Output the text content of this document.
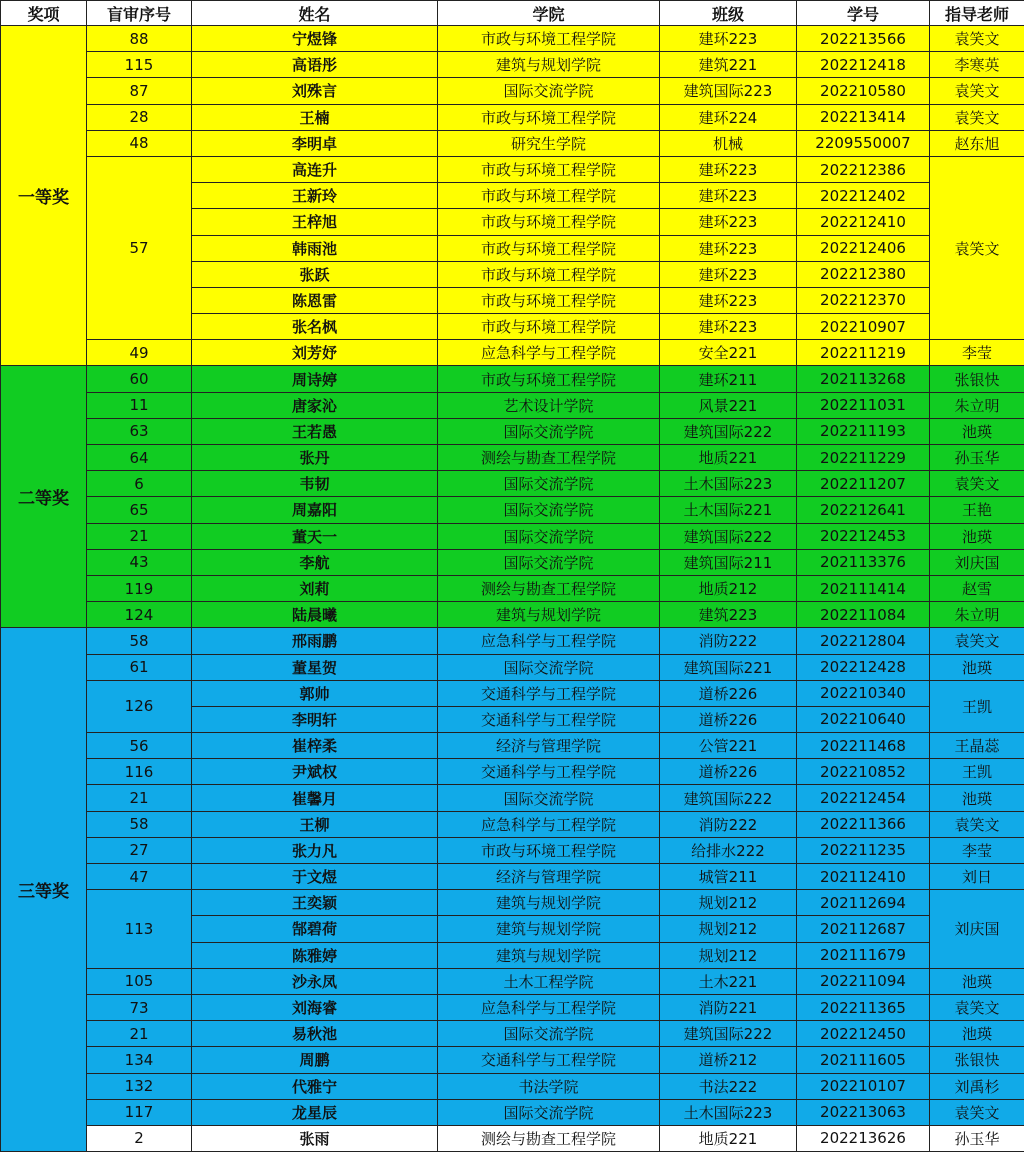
奖项	盲审序号	姓名	学院	班级	学号	指导老师
一等奖	88	宁煜锋	市政与环境工程学院	建环223	202213566	袁笑文
	115	高语彤	建筑与规划学院	建筑221	202212418	李寒英
	87	刘殊言	国际交流学院	建筑国际223	202210580	袁笑文
	28	王楠	市政与环境工程学院	建环224	202213414	袁笑文
	48	李明卓	研究生学院	机械	2209550007	赵东旭
	57	高连升	市政与环境工程学院	建环223	202212386	袁笑文
		王新玲	市政与环境工程学院	建环223	202212402	
		王梓旭	市政与环境工程学院	建环223	202212410	
		韩雨池	市政与环境工程学院	建环223	202212406	
		张跃	市政与环境工程学院	建环223	202212380	
		陈恩雷	市政与环境工程学院	建环223	202212370	
		张名枫	市政与环境工程学院	建环223	202210907	
	49	刘芳妤	应急科学与工程学院	安全221	202211219	李莹
二等奖	60	周诗婷	市政与环境工程学院	建环211	202113268	张银快
	11	唐家沁	艺术设计学院	风景221	202211031	朱立明
	63	王若愚	国际交流学院	建筑国际222	202211193	池瑛
	64	张丹	测绘与勘查工程学院	地质221	202211229	孙玉华
	6	韦韧	国际交流学院	土木国际223	202211207	袁笑文
	65	周嘉阳	国际交流学院	土木国际221	202212641	王艳
	21	董天一	国际交流学院	建筑国际222	202212453	池瑛
	43	李航	国际交流学院	建筑国际211	202113376	刘庆国
	119	刘莉	测绘与勘查工程学院	地质212	202111414	赵雪
	124	陆晨曦	建筑与规划学院	建筑223	202211084	朱立明
三等奖	58	邢雨鹏	应急科学与工程学院	消防222	202212804	袁笑文
	61	董星贺	国际交流学院	建筑国际221	202212428	池瑛
	126	郭帅	交通科学与工程学院	道桥226	202210340	王凯
		李明轩	交通科学与工程学院	道桥226	202210640	
	56	崔梓柔	经济与管理学院	公管221	202211468	王晶蕊
	116	尹斌权	交通科学与工程学院	道桥226	202210852	王凯
	21	崔馨月	国际交流学院	建筑国际222	202212454	池瑛
	58	王柳	应急科学与工程学院	消防222	202211366	袁笑文
	27	张力凡	市政与环境工程学院	给排水222	202211235	李莹
	47	于文煜	经济与管理学院	城管211	202112410	刘日
	113	王奕颖	建筑与规划学院	规划212	202112694	刘庆国
		郜碧荷	建筑与规划学院	规划212	202112687	
		陈雅婷	建筑与规划学院	规划212	202111679	
	105	沙永凤	土木工程学院	土木221	202211094	池瑛
	73	刘海睿	应急科学与工程学院	消防221	202211365	袁笑文
	21	易秋池	国际交流学院	建筑国际222	202212450	池瑛
	134	周鹏	交通科学与工程学院	道桥212	202111605	张银快
	132	代雅宁	书法学院	书法222	202210107	刘禹杉
	117	龙星辰	国际交流学院	土木国际223	202213063	袁笑文
	2	张雨	测绘与勘查工程学院	地质221	202213626	孙玉华
